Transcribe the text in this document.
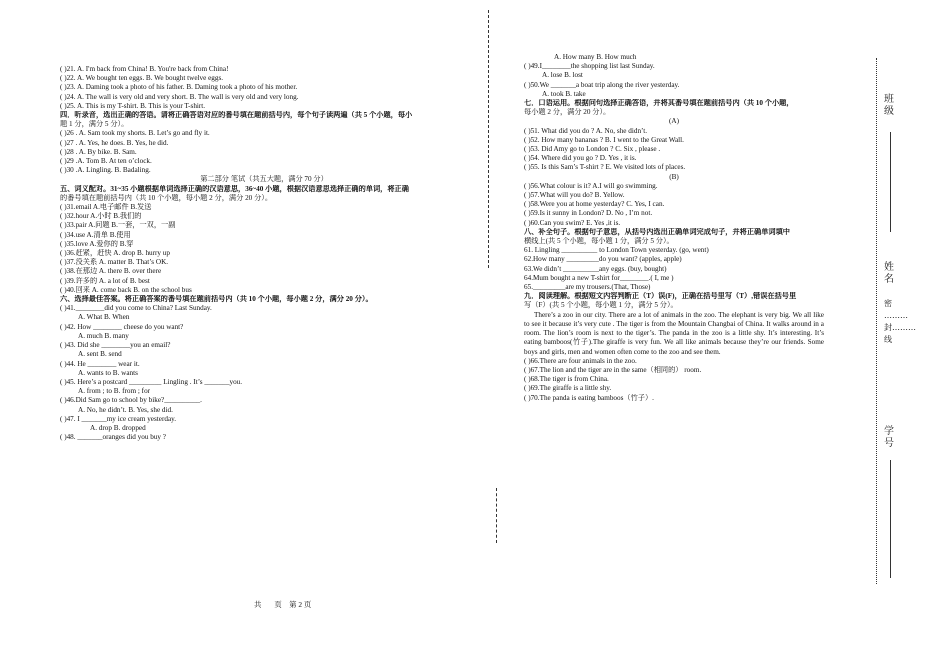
( )21. A. I'm back from China! B. You're back from China!
( )22. A. We bought ten eggs. B. We bought twelve eggs.
( )23. A. Daming took a photo of his father. B. Daming took a photo of his mother.
( )24. A. The wall is very old and very short. B. The wall is very old and very long.
( )25. A. This is my T-shirt. B. This is your T-shirt.
四．听录音，选出正确的答语。请将正确答语对应的番号填在题前括号内，每个句子读两遍（共 5 个小题，每小
题 1 分，满分 5 分）。
( )26 . A. Sam took my shorts. B. Let’s go and fly it.
( )27 . A. Yes, he does. B. Yes, he did.
( )28 . A. By bike. B. Sam.
( )29 .A. Tom B. At ten o’clock.
( )30 .A. Lingling. B. Badaling.
第二部分 笔试（共五大题，满分 70 分）
五、词义配对。31~35 小题根据单词选择正确的汉语意思，36~40 小题，根据汉语意思选择正确的单词，将正确
的番号填在题前括号内（共 10 个小题，每小题 2 分，满分 20 分）。
( )31.email A.电子邮件 B.发送
( )32.hour A.小时 B.我们的
( )33.pair A.问题 B.一套，一双，一副
( )34.use A.清单 B.使用
( )35.love A.爱你的 B.穿
( )36.赶紧，赶快 A. drop B. hurry up
( )37.没关系 A. matter B. That’s OK.
( )38.在那边 A. there B. over there
( )39.许多的 A. a lot of B. best
( )40.回来 A. come back B. on the school bus
六、选择最佳答案。将正确答案的番号填在题前括号内（共 10 个小题，每小题 2 分，满分 20 分）。
( )41.________did you come to China? Last Sunday.
A. What B. When
( )42. How ________ cheese do you want?
A. much B. many
( )43. Did she ________you an email?
A. sent B. send
( )44. He ________ wear it.
A. wants to B. wants
( )45. Here’s a postcard _________ Lingling . It’s _______you.
A. from ; to B. from ; for
( )46.Did Sam go to school by bike?__________.
A. No, he didn’t. B. Yes, she did.
( )47. I _______my ice cream yesterday.
A. drop B. dropped
( )48. _______oranges did you buy ?
A. How many B. How much
( )49.I________the shopping list last Sunday.
A. lose B. lost
( )50.We _______a boat trip along the river yesterday.
A. took B. take
七．口语运用。根据问句选择正确答语，并将其番号填在题前括号内（共 10 个小题，
每小题 2 分，满分 20 分）。
(A)
( )51. What did you do ? A. No, she didn’t.
( )52. How many bananas ? B. I went to the Great Wall.
( )53. Did Amy go to London ? C. Six , please .
( )54. Where did you go ? D. Yes , it is.
( )55. Is this Sam’s T-shirt ? E. We visited lots of places.
(B)
( )56.What colour is it? A.I will go swimming.
( )57.What will you do? B. Yellow.
( )58.Were you at home yesterday? C. Yes, I can.
( )59.Is it sunny in London? D. No , I’m not.
( )60.Can you swim? E. Yes ,it is.
八、补全句子。根据句子意思，从括号内选出正确单词完成句子，并将正确单词填中
横线上(共 5 个小题，每小题 1 分，满分 5 分）。
61. Lingling __________ to London Town yesterday. (go, went)
62.How many _________do you want? (apples, apple)
63.We didn’t __________any eggs. (buy, bought)
64.Mum bought a new T-shirt for________.( I, me )
65._________are my trousers.(That, Those)
九．阅读理解。根据短文内容判断正（T）误(F)，正确在括号里写（T）,错误在括号里
写（F）(共 5 个小题，每小题 1 分，满分 5 分）。
There’s a zoo in our city. There are a lot of animals in the zoo. The elephant is very big. We all like to see it because it’s very cute . The tiger is from the Mountain Changbai of China. It walks around in a room. The lion’s room is next to the tiger’s. The panda in the zoo is a little shy. It’s interesting. It’s eating bamboos(竹子).The giraffe is very fun. We all like animals because they’re our friends. Some boys and girls, men and women often come to the zoo and see them.
( )66.There are four animals in the zoo.
( )67.The lion and the tiger are in the same（相同的） room.
( )68.The tiger is from China.
( )69.The giraffe is a little shy.
( )70.The panda is eating bamboos（竹子）.
共       页    第 2 页
班 级
姓名
密 ………封………线
学号
